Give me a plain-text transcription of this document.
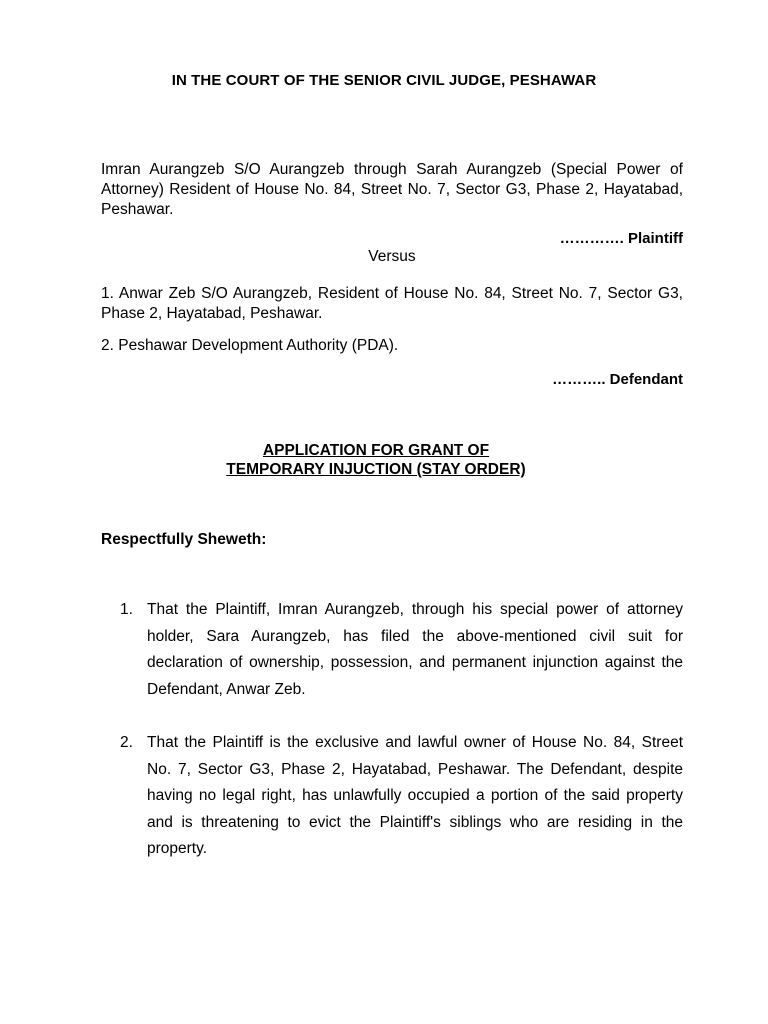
IN THE COURT OF THE SENIOR CIVIL JUDGE, PESHAWAR
Imran Aurangzeb S/O Aurangzeb through Sarah Aurangzeb (Special Power of Attorney) Resident of House No. 84, Street No. 7, Sector G3, Phase 2, Hayatabad, Peshawar.
…………. Plaintiff
Versus
1. Anwar Zeb S/O Aurangzeb, Resident of House No. 84, Street No. 7, Sector G3, Phase 2, Hayatabad, Peshawar.
2. Peshawar Development Authority (PDA).
……….. Defendant
APPLICATION FOR GRANT OF
TEMPORARY INJUCTION (STAY ORDER)
Respectfully Sheweth:
1. That the Plaintiff, Imran Aurangzeb, through his special power of attorney holder, Sara Aurangzeb, has filed the above-mentioned civil suit for declaration of ownership, possession, and permanent injunction against the Defendant, Anwar Zeb.
2. That the Plaintiff is the exclusive and lawful owner of House No. 84, Street No. 7, Sector G3, Phase 2, Hayatabad, Peshawar. The Defendant, despite having no legal right, has unlawfully occupied a portion of the said property and is threatening to evict the Plaintiff's siblings who are residing in the property.
